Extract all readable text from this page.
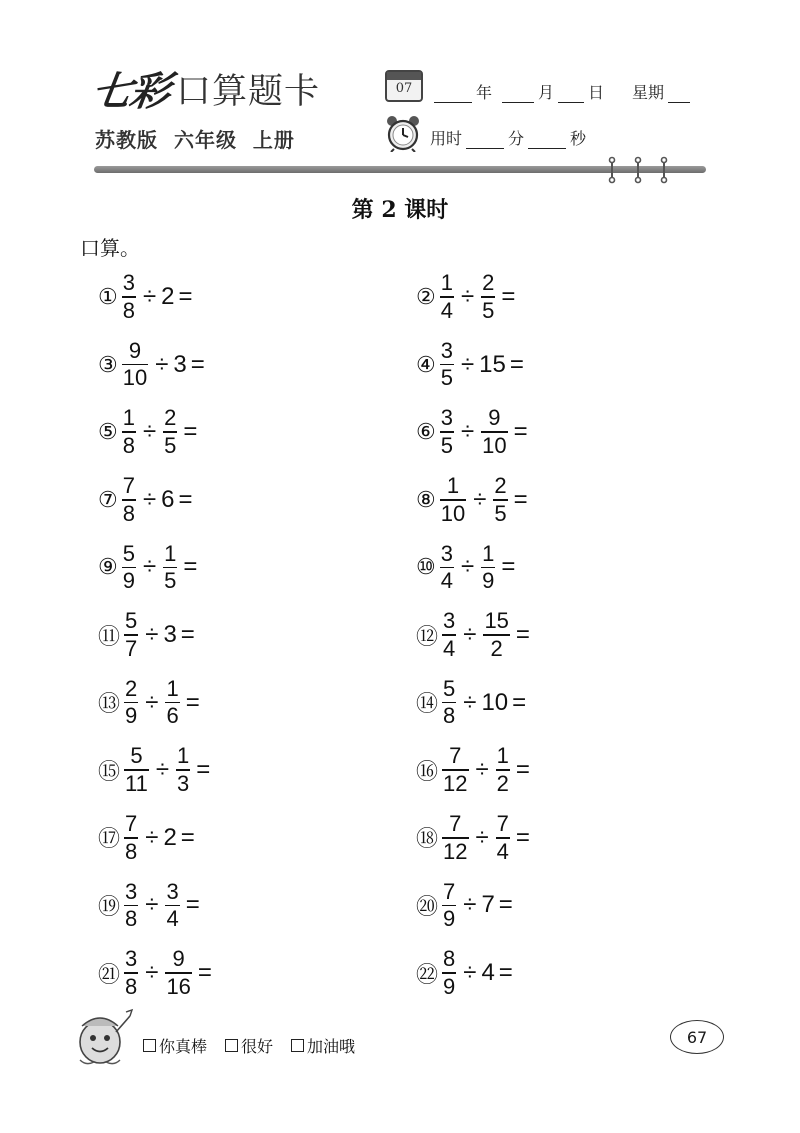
七彩 口算题卡
苏教版 六年级 上册
07	年	月 日 星期
用时	分	秒
第 2 课时
口算。
① $\frac{3}{8} \div 2$ =	② $\frac{1}{4} \div \frac{2}{5}$ =
③ $\frac{9}{10} \div 3$ =	④ $\frac{3}{5} \div 15$ =
⑤ $\frac{1}{8} \div \frac{2}{5}$ =	⑥ $\frac{3}{5} \div \frac{9}{10}$ =
⑦ $\frac{7}{8} \div 6$ =	⑧ $\frac{1}{10} \div \frac{2}{5}$ =
⑨ $\frac{5}{9} \div \frac{1}{5}$ =	⑩ $\frac{3}{4} \div \frac{1}{9}$ =
⑪ $\frac{5}{7} \div 3$ =	⑫ $\frac{3}{4} \div \frac{15}{2}$ =
⑬ $\frac{2}{9} \div \frac{1}{6}$ =	⑭ $\frac{5}{8} \div 10$ =
⑮ $\frac{5}{11} \div \frac{1}{3}$ =	⑯ $\frac{7}{12} \div \frac{1}{2}$ =
⑰ $\frac{7}{8} \div 2$ =	⑱ $\frac{7}{12} \div \frac{7}{4}$ =
⑲ $\frac{3}{8} \div \frac{3}{4}$ =	⑳ $\frac{7}{9} \div 7$ =
㉑ $\frac{3}{8} \div \frac{9}{16}$ =	㉒ $\frac{8}{9} \div 4$ =
你真棒 很好 加油哦	67
